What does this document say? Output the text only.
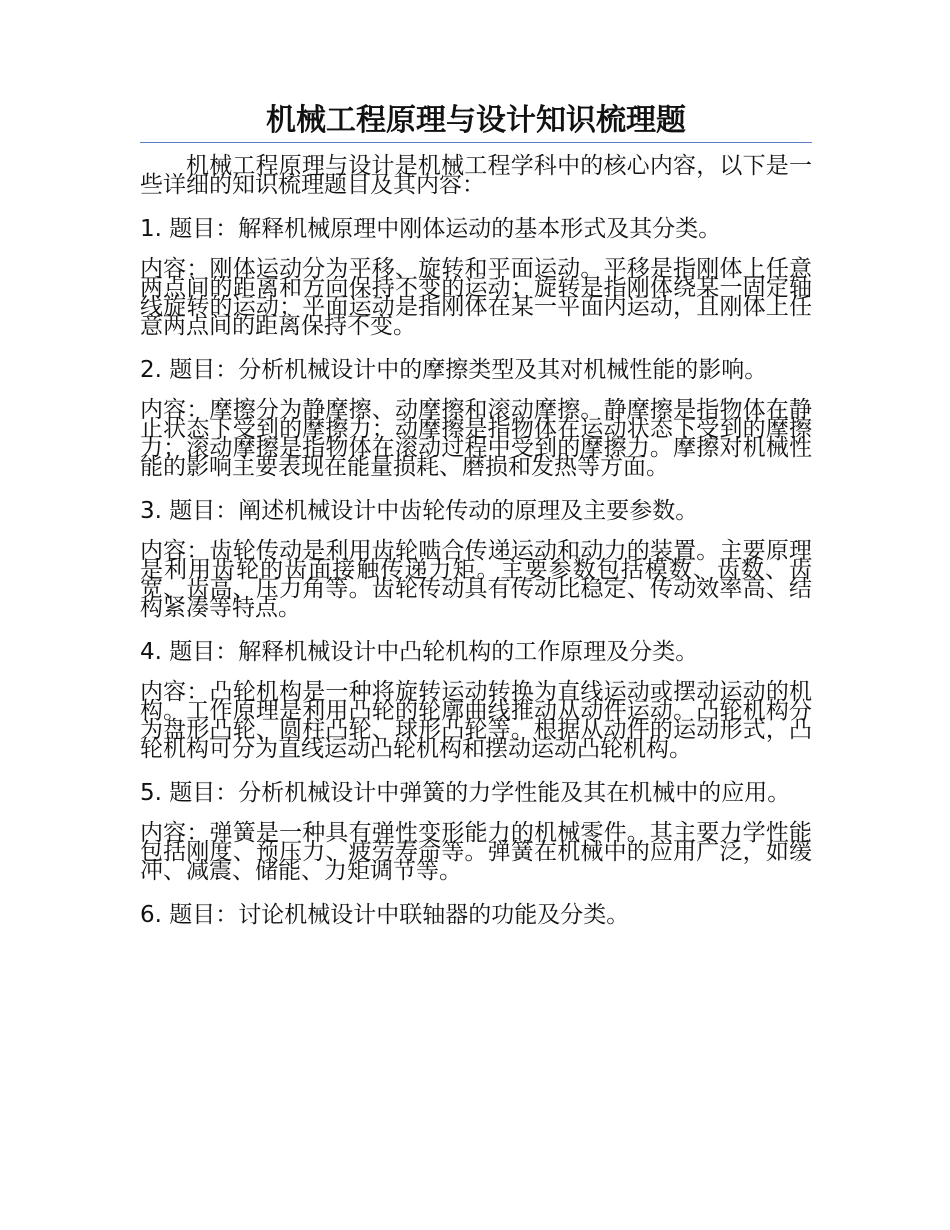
机械工程原理与设计知识梳理题

机械工程原理与设计是机械工程学科中的核心内容，以下是一些详细的知识梳理题目及其内容：

1. 题目：解释机械原理中刚体运动的基本形式及其分类。

内容：刚体运动分为平移、旋转和平面运动。平移是指刚体上任意两点间的距离和方向保持不变的运动；旋转是指刚体绕某一固定轴线旋转的运动；平面运动是指刚体在某一平面内运动，且刚体上任意两点间的距离保持不变。

2. 题目：分析机械设计中的摩擦类型及其对机械性能的影响。

内容：摩擦分为静摩擦、动摩擦和滚动摩擦。静摩擦是指物体在静止状态下受到的摩擦力；动摩擦是指物体在运动状态下受到的摩擦力；滚动摩擦是指物体在滚动过程中受到的摩擦力。摩擦对机械性能的影响主要表现在能量损耗、磨损和发热等方面。

3. 题目：阐述机械设计中齿轮传动的原理及主要参数。

内容：齿轮传动是利用齿轮啮合传递运动和动力的装置。主要原理是利用齿轮的齿面接触传递力矩。主要参数包括模数、齿数、齿宽、齿高、压力角等。齿轮传动具有传动比稳定、传动效率高、结构紧凑等特点。

4. 题目：解释机械设计中凸轮机构的工作原理及分类。

内容：凸轮机构是一种将旋转运动转换为直线运动或摆动运动的机构。工作原理是利用凸轮的轮廓曲线推动从动件运动。凸轮机构分为盘形凸轮、圆柱凸轮、球形凸轮等。根据从动件的运动形式，凸轮机构可分为直线运动凸轮机构和摆动运动凸轮机构。

5. 题目：分析机械设计中弹簧的力学性能及其在机械中的应用。

内容：弹簧是一种具有弹性变形能力的机械零件。其主要力学性能包括刚度、预压力、疲劳寿命等。弹簧在机械中的应用广泛，如缓冲、减震、储能、力矩调节等。

6. 题目：讨论机械设计中联轴器的功能及分类。
